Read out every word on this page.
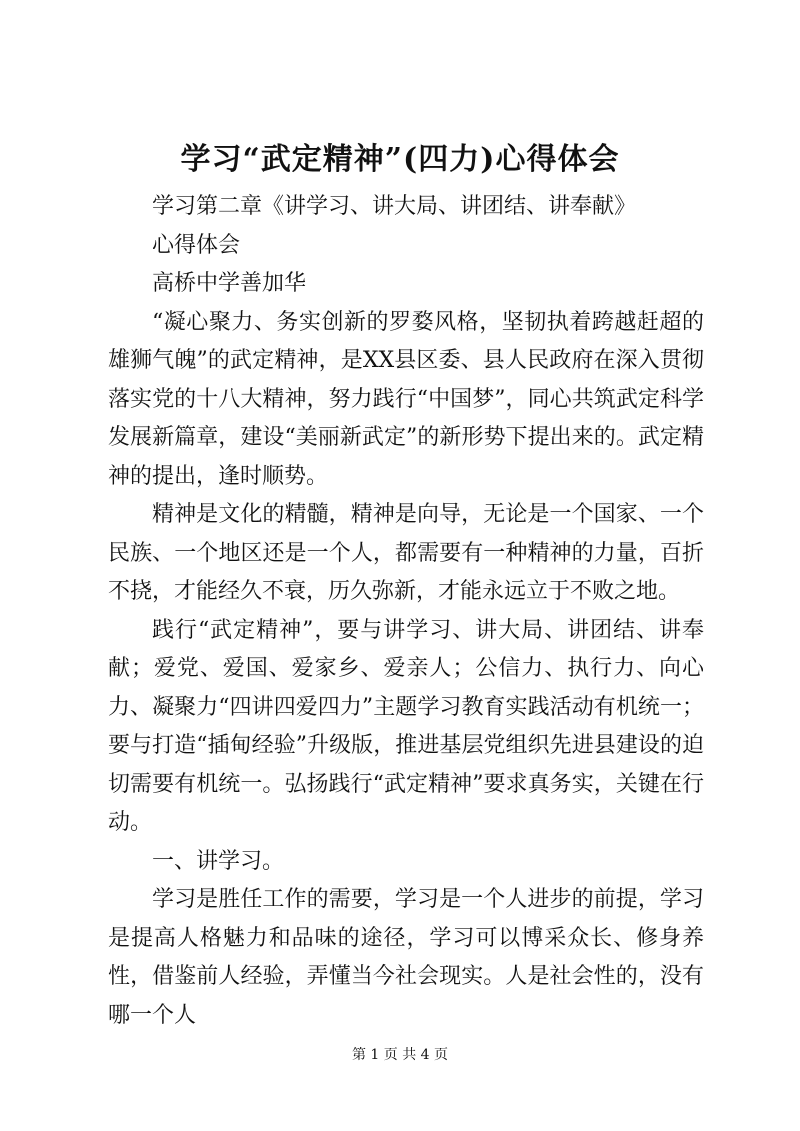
学习“武定精神”(四力)心得体会

学习第二章《讲学习、讲大局、讲团结、讲奉献》

心得体会

高桥中学善加华

“凝心聚力、务实创新的罗婺风格，坚韧执着跨越赶超的雄狮气魄”的武定精神，是XX县区委、县人民政府在深入贯彻落实党的十八大精神，努力践行“中国梦”，同心共筑武定科学发展新篇章，建设“美丽新武定”的新形势下提出来的。武定精神的提出，逢时顺势。

精神是文化的精髓，精神是向导，无论是一个国家、一个民族、一个地区还是一个人，都需要有一种精神的力量，百折不挠，才能经久不衰，历久弥新，才能永远立于不败之地。

践行“武定精神”，要与讲学习、讲大局、讲团结、讲奉献；爱党、爱国、爱家乡、爱亲人；公信力、执行力、向心力、凝聚力“四讲四爱四力”主题学习教育实践活动有机统一；要与打造“插甸经验”升级版，推进基层党组织先进县建设的迫切需要有机统一。弘扬践行“武定精神”要求真务实，关键在行动。

一、讲学习。

学习是胜任工作的需要，学习是一个人进步的前提，学习是提高人格魅力和品味的途径，学习可以博采众长、修身养性，借鉴前人经验，弄懂当今社会现实。人是社会性的，没有哪一个人

第 1 页 共 4 页
